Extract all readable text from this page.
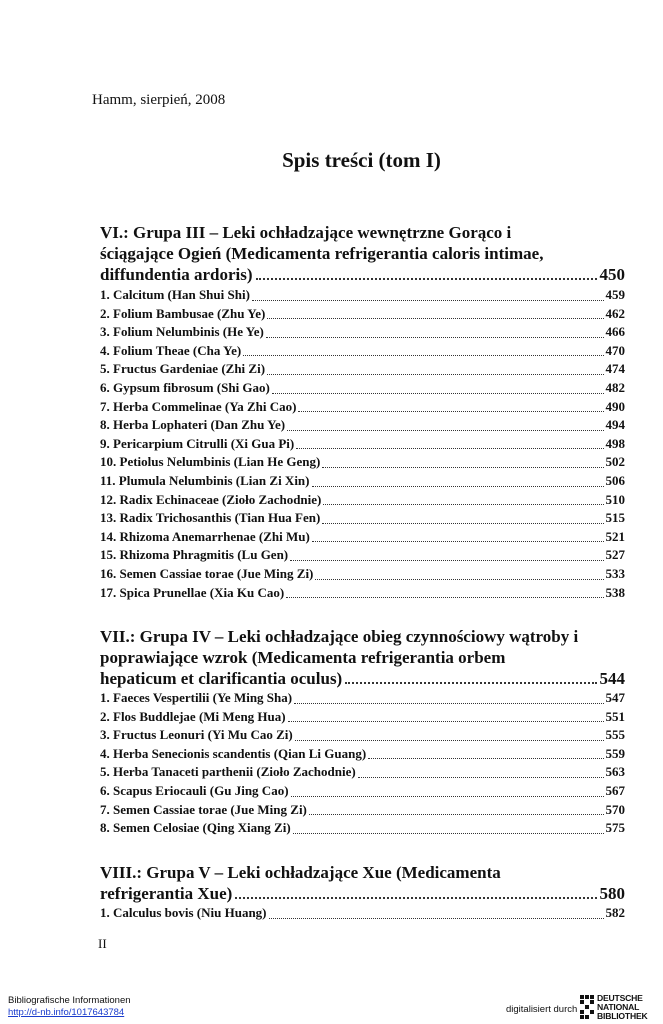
Hamm, sierpień, 2008
Spis treści (tom I)
VI.: Grupa III – Leki ochładzające wewnętrzne Gorąco i
ściągające Ogień (Medicamenta refrigerantia caloris intimae,
diffundentia ardoris)	450
1. Calcitum (Han Shui Shi)	459
2. Folium Bambusae (Zhu Ye)	462
3. Folium Nelumbinis (He Ye)	466
4. Folium Theae (Cha Ye)	470
5. Fructus Gardeniae (Zhi Zi)	474
6. Gypsum fibrosum (Shi Gao)	482
7. Herba Commelinae (Ya Zhi Cao)	490
8. Herba Lophateri (Dan Zhu Ye)	494
9. Pericarpium Citrulli (Xi Gua Pi)	498
10. Petiolus Nelumbinis (Lian He Geng)	502
11. Plumula Nelumbinis (Lian Zi Xin)	506
12. Radix Echinaceae (Zioło Zachodnie)	510
13. Radix Trichosanthis (Tian Hua Fen)	515
14. Rhizoma Anemarrhenae (Zhi Mu)	521
15. Rhizoma Phragmitis (Lu Gen)	527
16. Semen Cassiae torae (Jue Ming Zi)	533
17. Spica Prunellae (Xia Ku Cao)	538
VII.: Grupa IV – Leki ochładzające obieg czynnościowy wątroby i
poprawiające wzrok (Medicamenta refrigerantia orbem
hepaticum et clarificantia oculus)	544
1. Faeces Vespertilii (Ye Ming Sha)	547
2. Flos Buddlejae (Mi Meng Hua)	551
3. Fructus Leonuri (Yi Mu Cao Zi)	555
4. Herba Senecionis scandentis (Qian Li Guang)	559
5. Herba Tanaceti parthenii (Zioło Zachodnie)	563
6. Scapus Eriocauli (Gu Jing Cao)	567
7. Semen Cassiae torae (Jue Ming Zi)	570
8. Semen Celosiae (Qing Xiang Zi)	575
VIII.: Grupa V – Leki ochładzające Xue (Medicamenta
refrigerantia Xue)	580
1. Calculus bovis (Niu Huang)	582
II
Bibliografische Informationen
http://d-nb.info/1017643784	digitalisiert durch
DEUTSCHE
NATIONAL
BIBLIOTHEK
